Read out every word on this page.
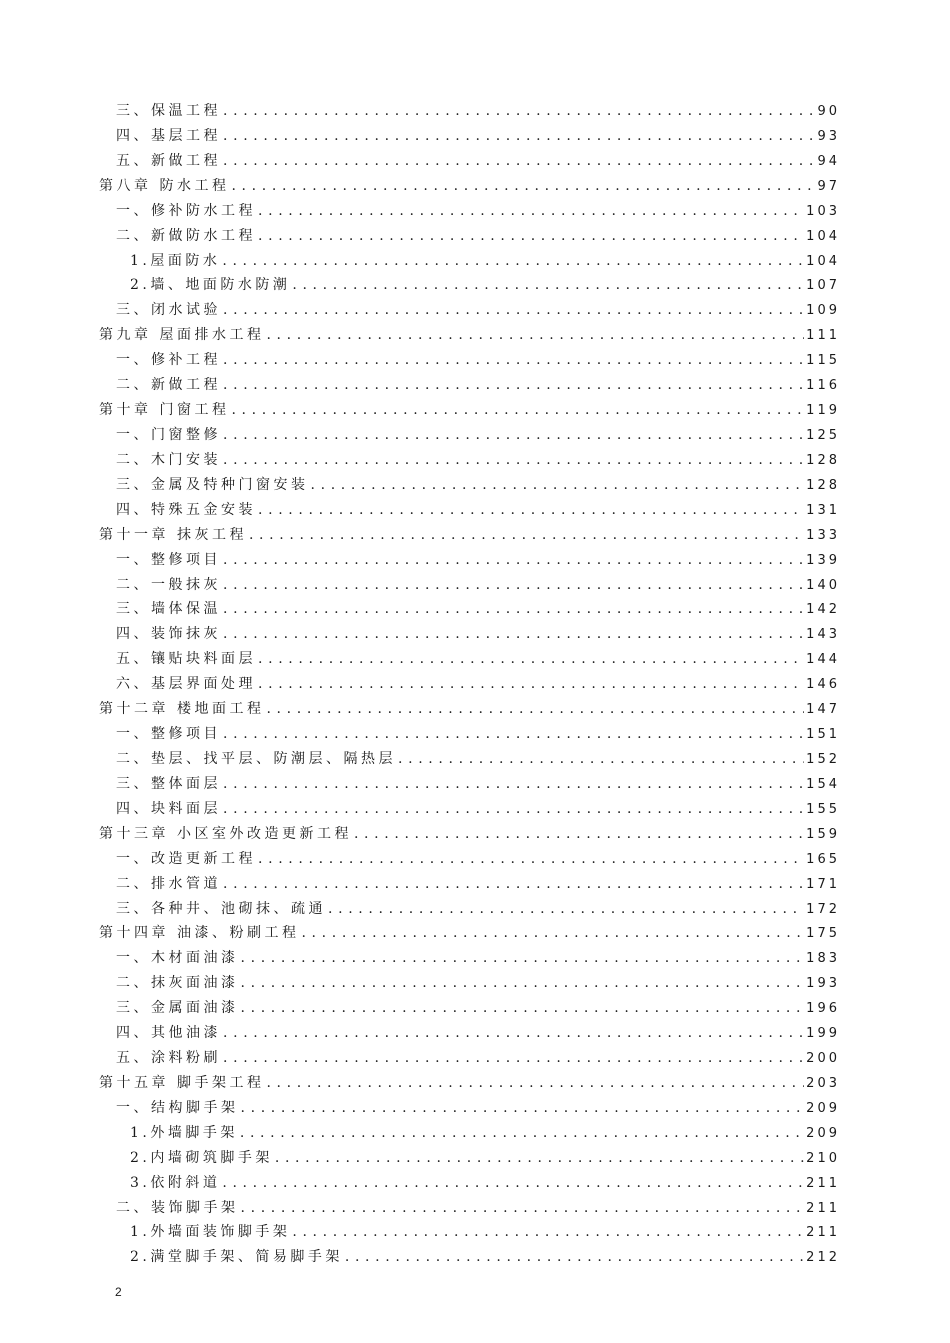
三、保温工程 . . .	90
四、基层工程 . . .	93
五、新做工程 . . .	94
第八章 防水工程 . . .	97
一、修补防水工程 . . .	103
二、新做防水工程 . . .	104
1.屋面防水 . . .	104
2.墙、地面防水防潮 . . .	107
三、闭水试验 . . .	109
第九章 屋面排水工程 . . .	111
一、修补工程 . . .	115
二、新做工程 . . .	116
第十章 门窗工程 . . .	119
一、门窗整修 . . .	125
二、木门安装 . . .	128
三、金属及特种门窗安装 . . .	128
四、特殊五金安装 . . .	131
第十一章 抹灰工程 . . .	133
一、整修项目 . . .	139
二、一般抹灰 . . .	140
三、墙体保温 . . .	142
四、装饰抹灰 . . .	143
五、镶贴块料面层 . . .	144
六、基层界面处理 . . .	146
第十二章 楼地面工程 . . .	147
一、整修项目 . . .	151
二、垫层、找平层、防潮层、隔热层 . . .	152
三、整体面层 . . .	154
四、块料面层 . . .	155
第十三章 小区室外改造更新工程 . . .	159
一、改造更新工程 . . .	165
二、排水管道 . . .	171
三、各种井、池砌抹、疏通 . . .	172
第十四章 油漆、粉刷工程 . . .	175
一、木材面油漆 . . .	183
二、抹灰面油漆 . . .	193
三、金属面油漆 . . .	196
四、其他油漆 . . .	199
五、涂料粉刷 . . .	200
第十五章 脚手架工程 . . .	203
一、结构脚手架 . . .	209
1.外墙脚手架 . . .	209
2.内墙砌筑脚手架 . . .	210
3.依附斜道 . . .	211
二、装饰脚手架 . . .	211
1.外墙面装饰脚手架 . . .	211
2.满堂脚手架、简易脚手架 . . .	212
2
